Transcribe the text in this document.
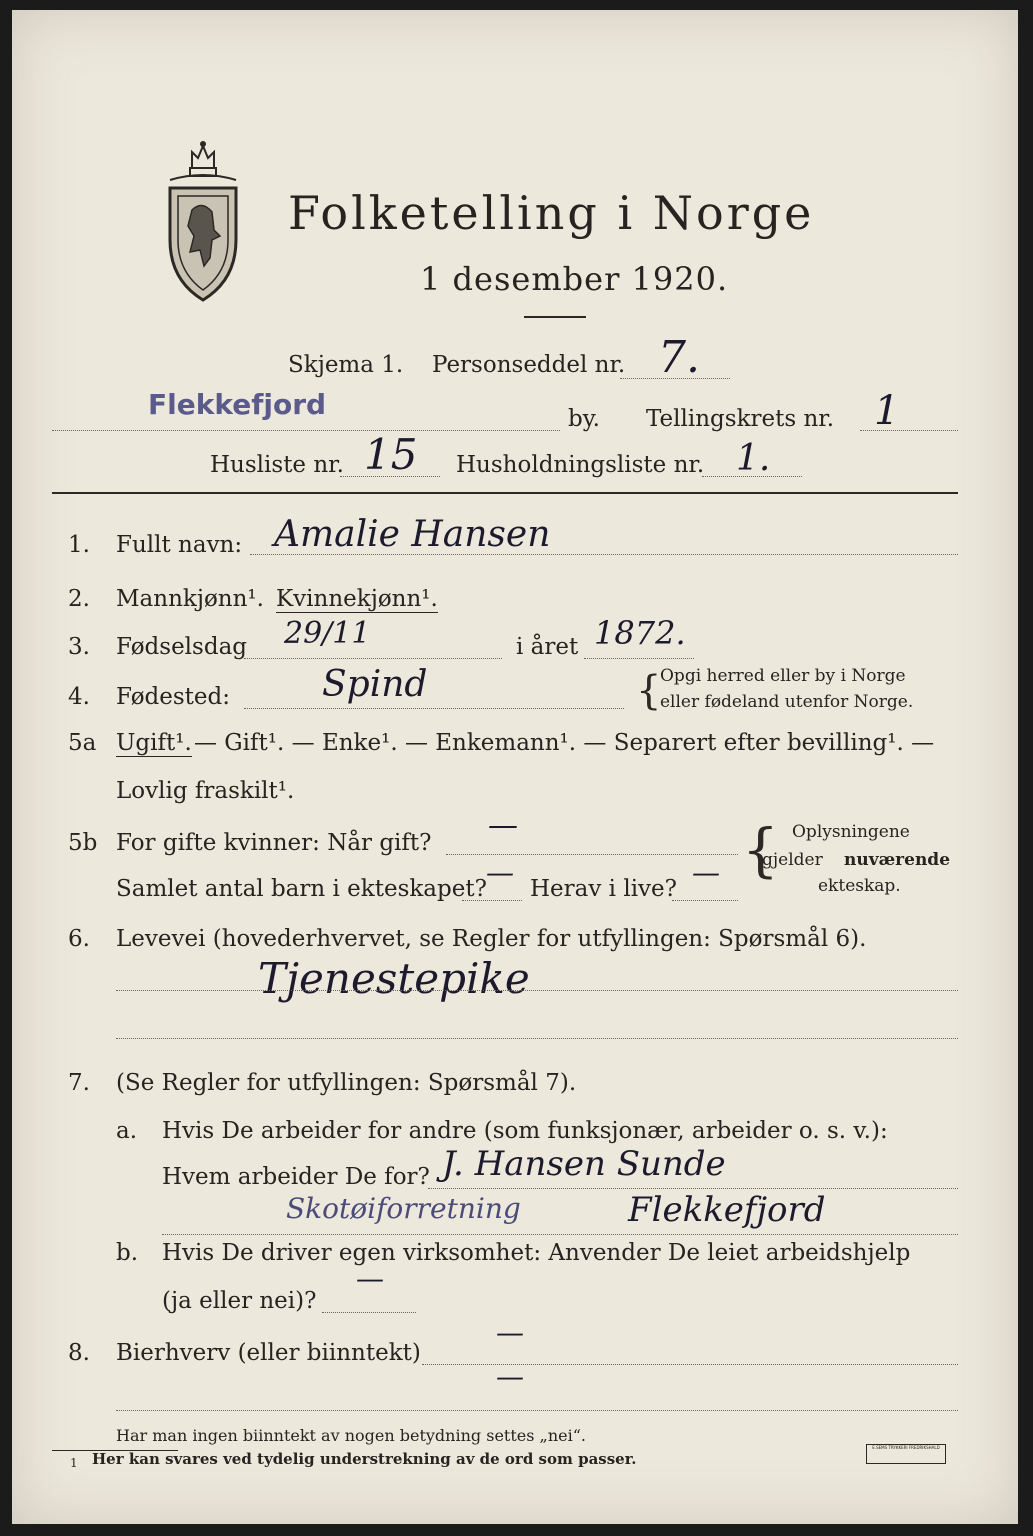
Folketelling i Norge
1 desember 1920.
Skjema 1. Personseddel nr. 7.
Flekkefjord	by. Tellingskrets nr. 1
Husliste nr. 15 Husholdningsliste nr. 1.
1. Fullt navn: Amalie Hansen
2. Mannkjønn¹. Kvinnekjønn¹.
3. Fødselsdag 29/11	i året 1872.
4. Fødested:	Spind	{
Opgi herred eller by i Norge
eller fødeland utenfor Norge.
5a Ugift¹. — Gift¹. — Enke¹. — Enkemann¹. — Separert efter bevilling¹. —
Lovlig fraskilt¹.
5b For gifte kvinner: Når gift? —
Samlet antal barn i ekteskapet? — Herav i live? — { Oplysningene
gjelder nuværende
ekteskap.
6. Levevei (hovederhvervet, se Regler for utfyllingen: Spørsmål 6).
Tjenestepike
7. (Se Regler for utfyllingen: Spørsmål 7).
a. Hvis De arbeider for andre (som funksjonær, arbeider o. s. v.):
Hvem arbeider De for? J. Hansen Sunde
Skotøiforretning	Flekkefjord
b. Hvis De driver egen virksomhet: Anvender De leiet arbeidshjelp
(ja eller nei)?
—
8. Bierhverv (eller biinntekt)
—
—
Har man ingen biinntekt av nogen betydning settes „nei“.
1 Her kan svares ved tydelig understrekning av de ord som passer.
E.SEMS TRYKKERI FREDRIKSHALD
